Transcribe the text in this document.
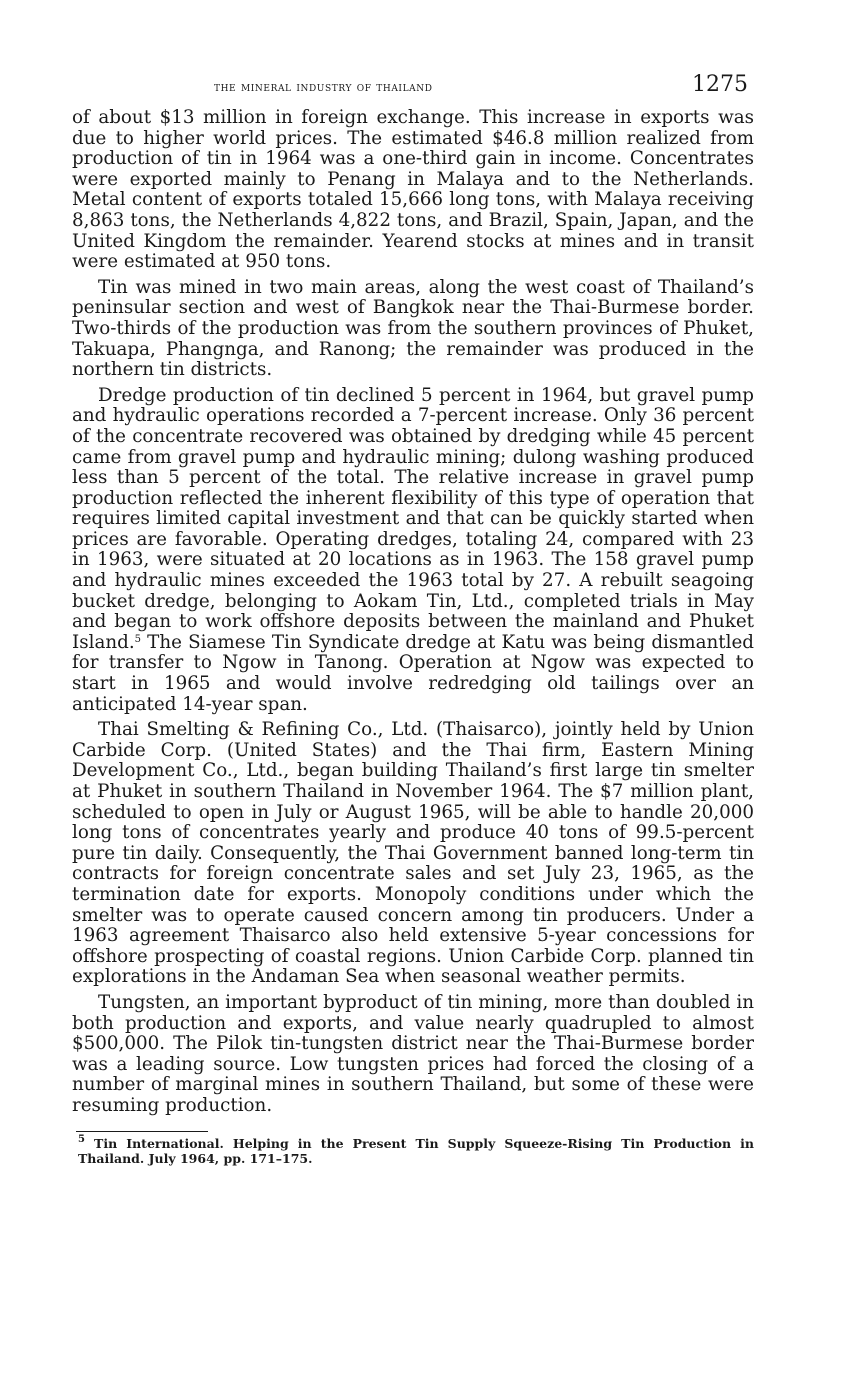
the mineral industry of thailand	1275

of about $13 million in foreign exchange. This increase in exports was due to higher world prices. The estimated $46.8 million realized from production of tin in 1964 was a one-third gain in income. Concentrates were exported mainly to Penang in Malaya and to the Netherlands. Metal content of exports totaled 15,666 long tons, with Malaya receiving 8,863 tons, the Netherlands 4,822 tons, and Brazil, Spain, Japan, and the United Kingdom the remainder. Yearend stocks at mines and in transit were estimated at 950 tons.

Tin was mined in two main areas, along the west coast of Thailand’s peninsular section and west of Bangkok near the Thai-Burmese border. Two-thirds of the production was from the southern provinces of Phuket, Takuapa, Phangnga, and Ranong; the remainder was produced in the northern tin districts.

Dredge production of tin declined 5 percent in 1964, but gravel pump and hydraulic operations recorded a 7-percent increase. Only 36 percent of the concentrate recovered was obtained by dredging while 45 percent came from gravel pump and hydraulic mining; dulong washing produced less than 5 percent of the total. The relative increase in gravel pump production reflected the inherent flexibility of this type of operation that requires limited capital investment and that can be quickly started when prices are favorable. Operating dredges, totaling 24, compared with 23 in 1963, were situated at 20 locations as in 1963. The 158 gravel pump and hydraulic mines exceeded the 1963 total by 27. A rebuilt seagoing bucket dredge, belonging to Aokam Tin, Ltd., completed trials in May and began to work offshore deposits between the mainland and Phuket Island.$^5$ The Siamese Tin Syndicate dredge at Katu was being dismantled for transfer to Ngow in Tanong. Operation at Ngow was expected to start in 1965 and would involve redredging old tailings over an anticipated 14-year span.

Thai Smelting & Refining Co., Ltd. (Thaisarco), jointly held by Union Carbide Corp. (United States) and the Thai firm, Eastern Mining Development Co., Ltd., began building Thailand’s first large tin smelter at Phuket in southern Thailand in November 1964. The $7 million plant, scheduled to open in July or August 1965, will be able to handle 20,000 long tons of concentrates yearly and produce 40 tons of 99.5-percent pure tin daily. Consequently, the Thai Government banned long-term tin contracts for foreign concentrate sales and set July 23, 1965, as the termination date for exports. Monopoly conditions under which the smelter was to operate caused concern among tin producers. Under a 1963 agreement Thaisarco also held extensive 5-year concessions for offshore prospecting of coastal regions. Union Carbide Corp. planned tin explorations in the Andaman Sea when seasonal weather permits.

Tungsten, an important byproduct of tin mining, more than doubled in both production and exports, and value nearly quadrupled to almost $500,000. The Pilok tin-tungsten district near the Thai-Burmese border was a leading source. Low tungsten prices had forced the closing of a number of marginal mines in southern Thailand, but some of these were resuming production.

$^5$ Tin International. Helping in the Present Tin Supply Squeeze-Rising Tin Production in Thailand. July 1964, pp. 171–175.
